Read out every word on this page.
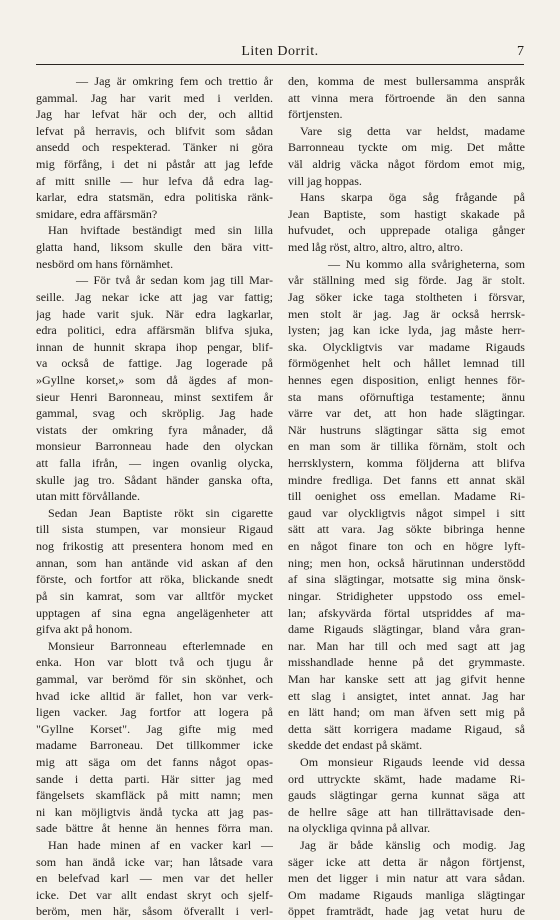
Liten Dorrit.	7
— Jag är omkring fem och trettio år
gammal. Jag har varit med i verlden.
Jag har lefvat här och der, och alltid
lefvat på herravis, och blifvit som sådan
ansedd och respekterad. Tänker ni göra
mig förfång, i det ni påstår att jag lefde
af mitt snille — hur lefva då edra lag-
karlar, edra statsmän, edra politiska ränk-
smidare, edra affärsmän?
Han hviftade beständigt med sin lilla
glatta hand, liksom skulle den bära vitt-
nesbörd om hans förnämhet.
— För två år sedan kom jag till Mar-
seille. Jag nekar icke att jag var fattig;
jag hade varit sjuk. När edra lagkarlar,
edra politici, edra affärsmän blifva sjuka,
innan de hunnit skrapa ihop pengar, blif-
va också de fattige. Jag logerade på
»Gyllne korset,» som då ägdes af mon-
sieur Henri Baronneau, minst sextifem år
gammal, svag och skröplig. Jag hade
vistats der omkring fyra månader, då
monsieur Barronneau hade den olyckan
att falla ifrån, — ingen ovanlig olycka,
skulle jag tro. Sådant händer ganska ofta,
utan mitt förvållande.
Sedan Jean Baptiste rökt sin cigarette
till sista stumpen, var monsieur Rigaud
nog frikostig att presentera honom med en
annan, som han antände vid askan af den
förste, och fortfor att röka, blickande snedt
på sin kamrat, som var alltför mycket
upptagen af sina egna angelägenheter att
gifva akt på honom.
Monsieur Barronneau efterlemnade en
enka. Hon var blott två och tjugu år
gammal, var berömd för sin skönhet, och
hvad icke alltid är fallet, hon var verk-
ligen vacker. Jag fortfor att logera på
"Gyllne Korset". Jag gifte mig med
madame Barroneau. Det tillkommer icke
mig att säga om det fanns något opas-
sande i detta parti. Här sitter jag med
fängelsets skamfläck på mitt namn; men
ni kan möjligtvis ändå tycka att jag pas-
sade bättre åt henne än hennes förra man.
Han hade minen af en vacker karl —
som han ändå icke var; han låtsade vara
en belefvad karl — men var det heller
icke. Det var allt endast skryt och sjelf-
beröm, men här, såsom öfverallt i verl-
den, komma de mest bullersamma anspråk
att vinna mera förtroende än den sanna
förtjensten.
Vare sig detta var heldst, madame
Barronneau tyckte om mig. Det måtte
väl aldrig väcka något fördom emot mig,
vill jag hoppas.
Hans skarpa öga såg frågande på
Jean Baptiste, som hastigt skakade på
hufvudet, och upprepade otaliga gånger
med låg röst, altro, altro, altro, altro.
— Nu kommo alla svårigheterna, som
vår ställning med sig förde. Jag är stolt.
Jag söker icke taga stoltheten i försvar,
men stolt är jag. Jag är också herrsk-
lysten; jag kan icke lyda, jag måste herr-
ska. Olyckligtvis var madame Rigauds
förmögenhet helt och hållet lemnad till
hennes egen disposition, enligt hennes för-
sta mans oförnuftiga testamente; ännu
värre var det, att hon hade slägtingar.
När hustruns slägtingar sätta sig emot
en man som är tillika förnäm, stolt och
herrsklystern, komma följderna att blifva
mindre fredliga. Det fanns ett annat skäl
till oenighet oss emellan. Madame Ri-
gaud var olyckligtvis något simpel i sitt
sätt att vara. Jag sökte bibringa henne
en något finare ton och en högre lyft-
ning; men hon, också härutinnan understödd
af sina slägtingar, motsatte sig mina önsk-
ningar. Stridigheter uppstodo oss emel-
lan; afskyvärda förtal utspriddes af ma-
dame Rigauds slägtingar, bland våra gran-
nar. Man har till och med sagt att jag
misshandlade henne på det grymmaste.
Man har kanske sett att jag gifvit henne
ett slag i ansigtet, intet annat. Jag har
en lätt hand; om man äfven sett mig på
detta sätt korrigera madame Rigaud, så
skedde det endast på skämt.
Om monsieur Rigauds leende vid dessa
ord uttryckte skämt, hade madame Ri-
gauds slägtingar gerna kunnat säga att
de hellre sâge att han tillrättavisade den-
na olyckliga qvinna på allvar.
Jag är både känslig och modig. Jag
säger icke att detta är någon förtjenst,
men det ligger i min natur att vara sådan.
Om madame Rigauds manliga slägtingar
öppet framträdt, hade jag vetat huru de
